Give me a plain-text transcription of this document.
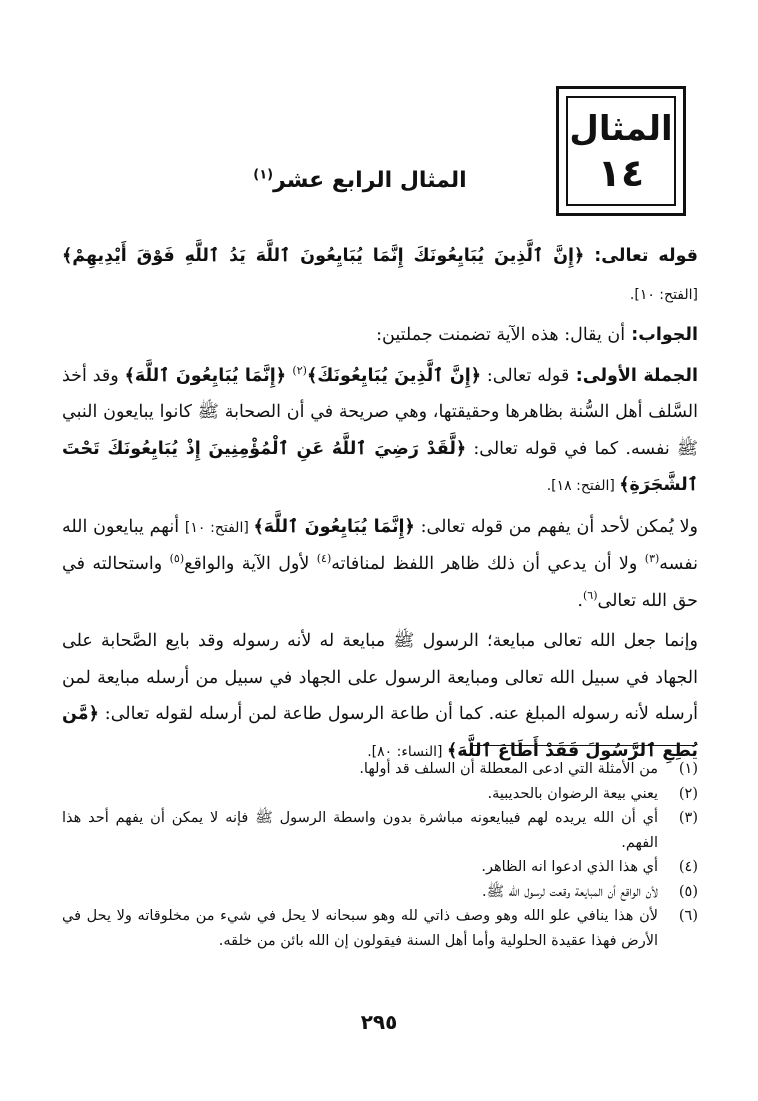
المثال
١٤
المثال الرابع عشر$^{(١)}$

قوله تعالى: ﴿إِنَّ ٱلَّذِينَ يُبَايِعُونَكَ إِنَّمَا يُبَايِعُونَ ٱللَّهَ يَدُ ٱللَّهِ فَوْقَ أَيْدِيهِمْ﴾ [الفتح: ١٠].

الجواب: أن يقال: هذه الآية تضمنت جملتين:

الجملة الأولى: قوله تعالى: ﴿إِنَّ ٱلَّذِينَ يُبَايِعُونَكَ﴾$^{(٢)}$ ﴿إِنَّمَا يُبَايِعُونَ ٱللَّهَ﴾ وقد أخذ السَّلف أهل السُّنة بظاهرها وحقيقتها، وهي صريحة في أن الصحابة ﷺ كانوا يبايعون النبي ﷺ نفسه. كما في قوله تعالى: ﴿لَّقَدْ رَضِيَ ٱللَّهُ عَنِ ٱلْمُؤْمِنِينَ إِذْ يُبَايِعُونَكَ تَحْتَ ٱلشَّجَرَةِ﴾ [الفتح: ١٨].

ولا يُمكن لأحد أن يفهم من قوله تعالى: ﴿إِنَّمَا يُبَايِعُونَ ٱللَّهَ﴾ [الفتح: ١٠] أنهم يبايعون الله نفسه$^{(٣)}$ ولا أن يدعي أن ذلك ظاهر اللفظ لمنافاته$^{(٤)}$ لأول الآية والواقع$^{(٥)}$ واستحالته في حق الله تعالى$^{(٦)}$.

وإنما جعل الله تعالى مبايعة؛ الرسول ﷺ مبايعة له لأنه رسوله وقد بايع الصَّحابة على الجهاد في سبيل الله تعالى ومبايعة الرسول على الجهاد في سبيل من أرسله مبايعة لمن أرسله لأنه رسوله المبلغ عنه. كما أن طاعة الرسول طاعة لمن أرسله لقوله تعالى: ﴿مَّن يُطِعِ ٱلرَّسُولَ فَقَدْ أَطَاعَ ٱللَّهَ﴾ [النساء: ٨٠].

(١)
من الأمثلة التي ادعى المعطلة أن السلف قد أولها.
(٢)
يعني بيعة الرضوان بالحديبية.
(٣)
أي أن الله يريده لهم فيبايعونه مباشرة بدون واسطة الرسول ﷺ فإنه لا يمكن أن يفهم أحد هذا الفهم.
(٤)
أي هذا الذي ادعوا انه الظاهر.
(٥)
لأن الواقع أن المبايعة وقعت لرسول الله ﷺ.
(٦)
لأن هذا ينافي علو الله وهو وصف ذاتي لله وهو سبحانه لا يحل في شيء من مخلوقاته ولا يحل في الأرض فهذا عقيدة الحلولية وأما أهل السنة فيقولون إن الله بائن من خلقه.
٢٩٥
